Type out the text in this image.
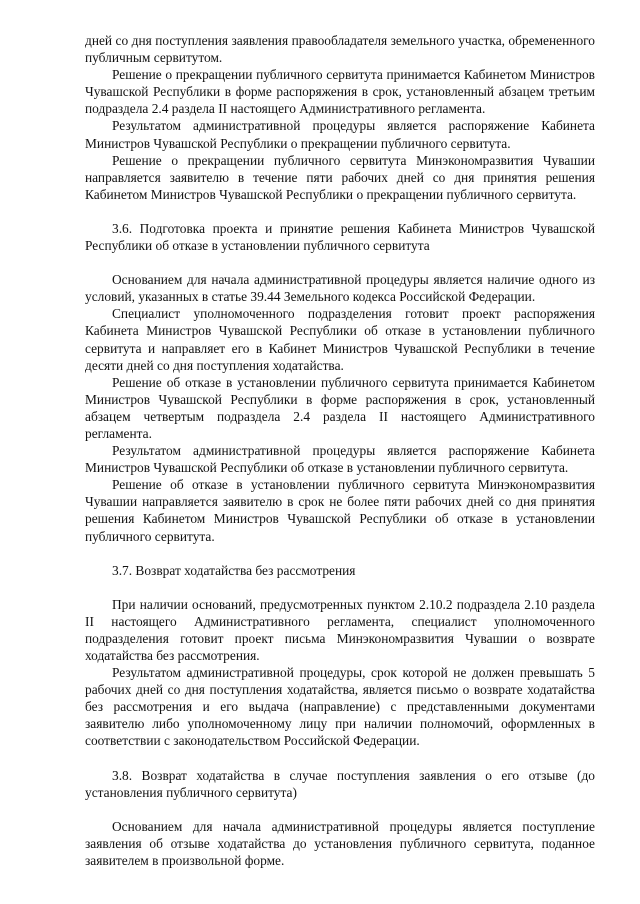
дней со дня поступления заявления правообладателя земельного участка, обремененного публичным сервитутом.

Решение о прекращении публичного сервитута принимается Кабинетом Министров Чувашской Республики в форме распоряжения в срок, установленный абзацем третьим подраздела 2.4 раздела II настоящего Административного регламента.

Результатом административной процедуры является распоряжение Кабинета Министров Чувашской Республики о прекращении публичного сервитута.

Решение о прекращении публичного сервитута Минэкономразвития Чувашии направляется заявителю в течение пяти рабочих дней со дня принятия решения Кабинетом Министров Чувашской Республики о прекращении публичного сервитута.

3.6. Подготовка проекта и принятие решения Кабинета Министров Чувашской Республики об отказе в установлении публичного сервитута

Основанием для начала административной процедуры является наличие одного из условий, указанных в статье 39.44 Земельного кодекса Российской Федерации.

Специалист уполномоченного подразделения готовит проект распоряжения Кабинета Министров Чувашской Республики об отказе в установлении публичного сервитута и направляет его в Кабинет Министров Чувашской Республики в течение десяти дней со дня поступления ходатайства.

Решение об отказе в установлении публичного сервитута принимается Кабинетом Министров Чувашской Республики в форме распоряжения в срок, установленный абзацем четвертым подраздела 2.4 раздела II настоящего Административного регламента.

Результатом административной процедуры является распоряжение Кабинета Министров Чувашской Республики об отказе в установлении публичного сервитута.

Решение об отказе в установлении публичного сервитута Минэкономразвития Чувашии направляется заявителю в срок не более пяти рабочих дней со дня принятия решения Кабинетом Министров Чувашской Республики об отказе в установлении публичного сервитута.

3.7. Возврат ходатайства без рассмотрения

При наличии оснований, предусмотренных пунктом 2.10.2 подраздела 2.10 раздела II настоящего Административного регламента, специалист уполномоченного подразделения готовит проект письма Минэкономразвития Чувашии о возврате ходатайства без рассмотрения.

Результатом административной процедуры, срок которой не должен превышать 5 рабочих дней со дня поступления ходатайства, является письмо о возврате ходатайства без рассмотрения и его выдача (направление) с представленными документами заявителю либо уполномоченному лицу при наличии полномочий, оформленных в соответствии с законодательством Российской Федерации.

3.8. Возврат ходатайства в случае поступления заявления о его отзыве (до установления публичного сервитута)

Основанием для начала административной процедуры является поступление заявления об отзыве ходатайства до установления публичного сервитута, поданное заявителем в произвольной форме.
